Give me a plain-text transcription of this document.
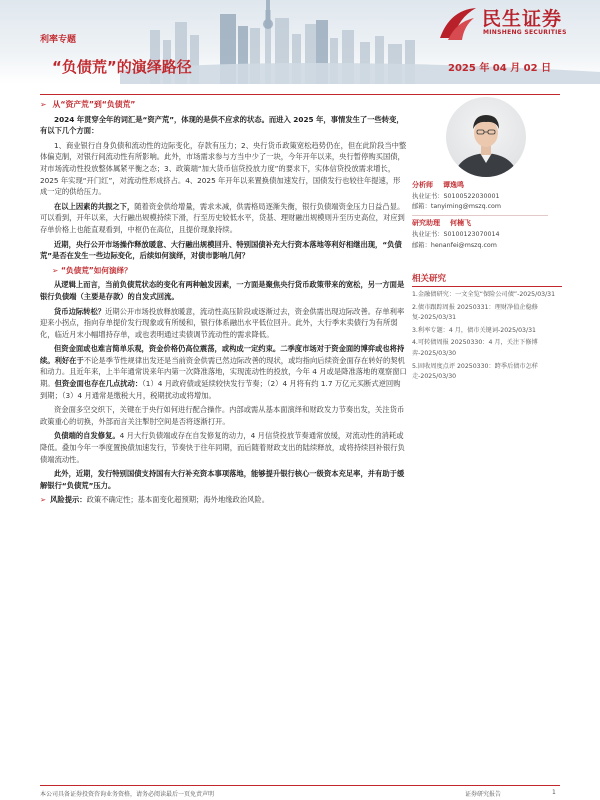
利率专题
“负债荒”的演绎路径	2025 年 04 月 02 日
民生证券
MINSHENG SECURITIES
➢ 从“资产荒”到“负债荒”

2024 年贯穿全年的词汇是“资产荒”，体现的是供不应求的状态。而进入 2025 年，事情发生了一些转变，有以下几个方面：

1、商业银行自身负债和流动性的边际变化，存款有压力；2、央行货币政策宽松趋势仍在，但在此阶段当中整体偏克制，对银行间流动性有所影响。此外，市场需求参与方当中少了一块，今年开年以来，央行暂停购买国债，对市场流动性投放整体属紧平衡之态；3、政策端“加大货币信贷投放力度”的要求下，实体信贷投放需求增长，2025 年实现“开门红”，对流动性形成挤占。4、2025 年开年以来置换债加速发行，国债发行也较往年提速，形成一定的供给压力。

在以上因素的共振之下，随着资金供给增量，需求未减，供需格局逐渐失衡，银行负债端资金压力日益凸显。可以看到，开年以来，大行融出规模持续下滑，行至历史较低水平，货基、理财融出规模则升至历史高位，对应到存单价格上也能直观看到，中枢仍在高位，且提价现象持续。

近期，央行公开市场操作释放暖意、大行融出规模回升、特别国债补充大行资本落地等利好相继出现，“负债荒”是否在发生一些边际变化，后续如何演绎，对债市影响几何？

➢ “负债荒”如何演绎？

从逻辑上而言，当前负债荒状态的变化有两种触发因素，一方面是聚焦央行货币政策带来的宽松，另一方面是银行负债端（主要是存款）的自发式回流。

货币边际转松？近期公开市场投放释放暖意，流动性高压阶段或逐渐过去，资金供需出现边际改善。存单利率迎来小拐点，指向存单提价发行现象或有所缓和，银行体系融出水平低位回升。此外，大行季末卖债行为有所弱化，临近月末小幅增持存单，或也表明通过卖债调节流动性的需求降低。

但资金面或也难言简单乐观，资金价格仍高位震荡，或构成一定约束。二季度市场对于资金面的博弈或也将持续。利好在于不论是季节性规律出发还是当前资金供需已然边际改善的现状，或均指向后续资金面存在转好的契机和动力。且近年来，上半年通常说来年内第一次降准落地，实现流动性的投放，今年 4 月或是降准落地的观察窗口期。但资金面也存在几点扰动：（1）4 月政府债或延续较快发行节奏；（2）4 月将有约 1.7 万亿元买断式逆回购到期；（3）4 月通常是缴税大月，税期扰动或将增加。

资金面多空交织下，关键在于央行如何进行配合操作。内部或需从基本面演绎和财政发力节奏出发，关注货币政策重心的切换，外部而言关注掣肘空间是否将逐渐打开。

负债端的自发修复。4 月大行负债端或存在自发修复的动力，4 月信贷投放节奏通常放缓，对流动性的消耗或降低。叠加今年一季度置换债加速发行，节奏快于往年同期，而后随着财政支出的陆续释放，或将持续回补银行负债端流动性。

此外，近期，发行特别国债支持国有大行补充资本事项落地，能够提升银行核心一级资本充足率，并有助于缓解银行“负债荒”压力。

➢ 风险提示：政策不确定性；基本面变化超预期；海外地缘政治风险。

分析师 谭逸鸣
执业证书：S0100522030001
邮箱：tanyiming@mszq.com
研究助理 何楠飞
执业证书：S0100123070014
邮箱：henanfei@mszq.com
相关研究
1.金融债研究：一文全览“保险公司债”-2025/03/31
2.债市跟踪周报 20250331：理财净值企稳修复-2025/03/31
3.利率专题：4 月，债市关键词-2025/03/31
4.可转债周报 20250330：4 月，关注下修博弈-2025/03/30
5.固收周度点评 20250330：跨季后债市怎样走-2025/03/30
本公司具备证券投资咨询业务资格，请务必阅读最后一页免责声明	证券研究报告	1
